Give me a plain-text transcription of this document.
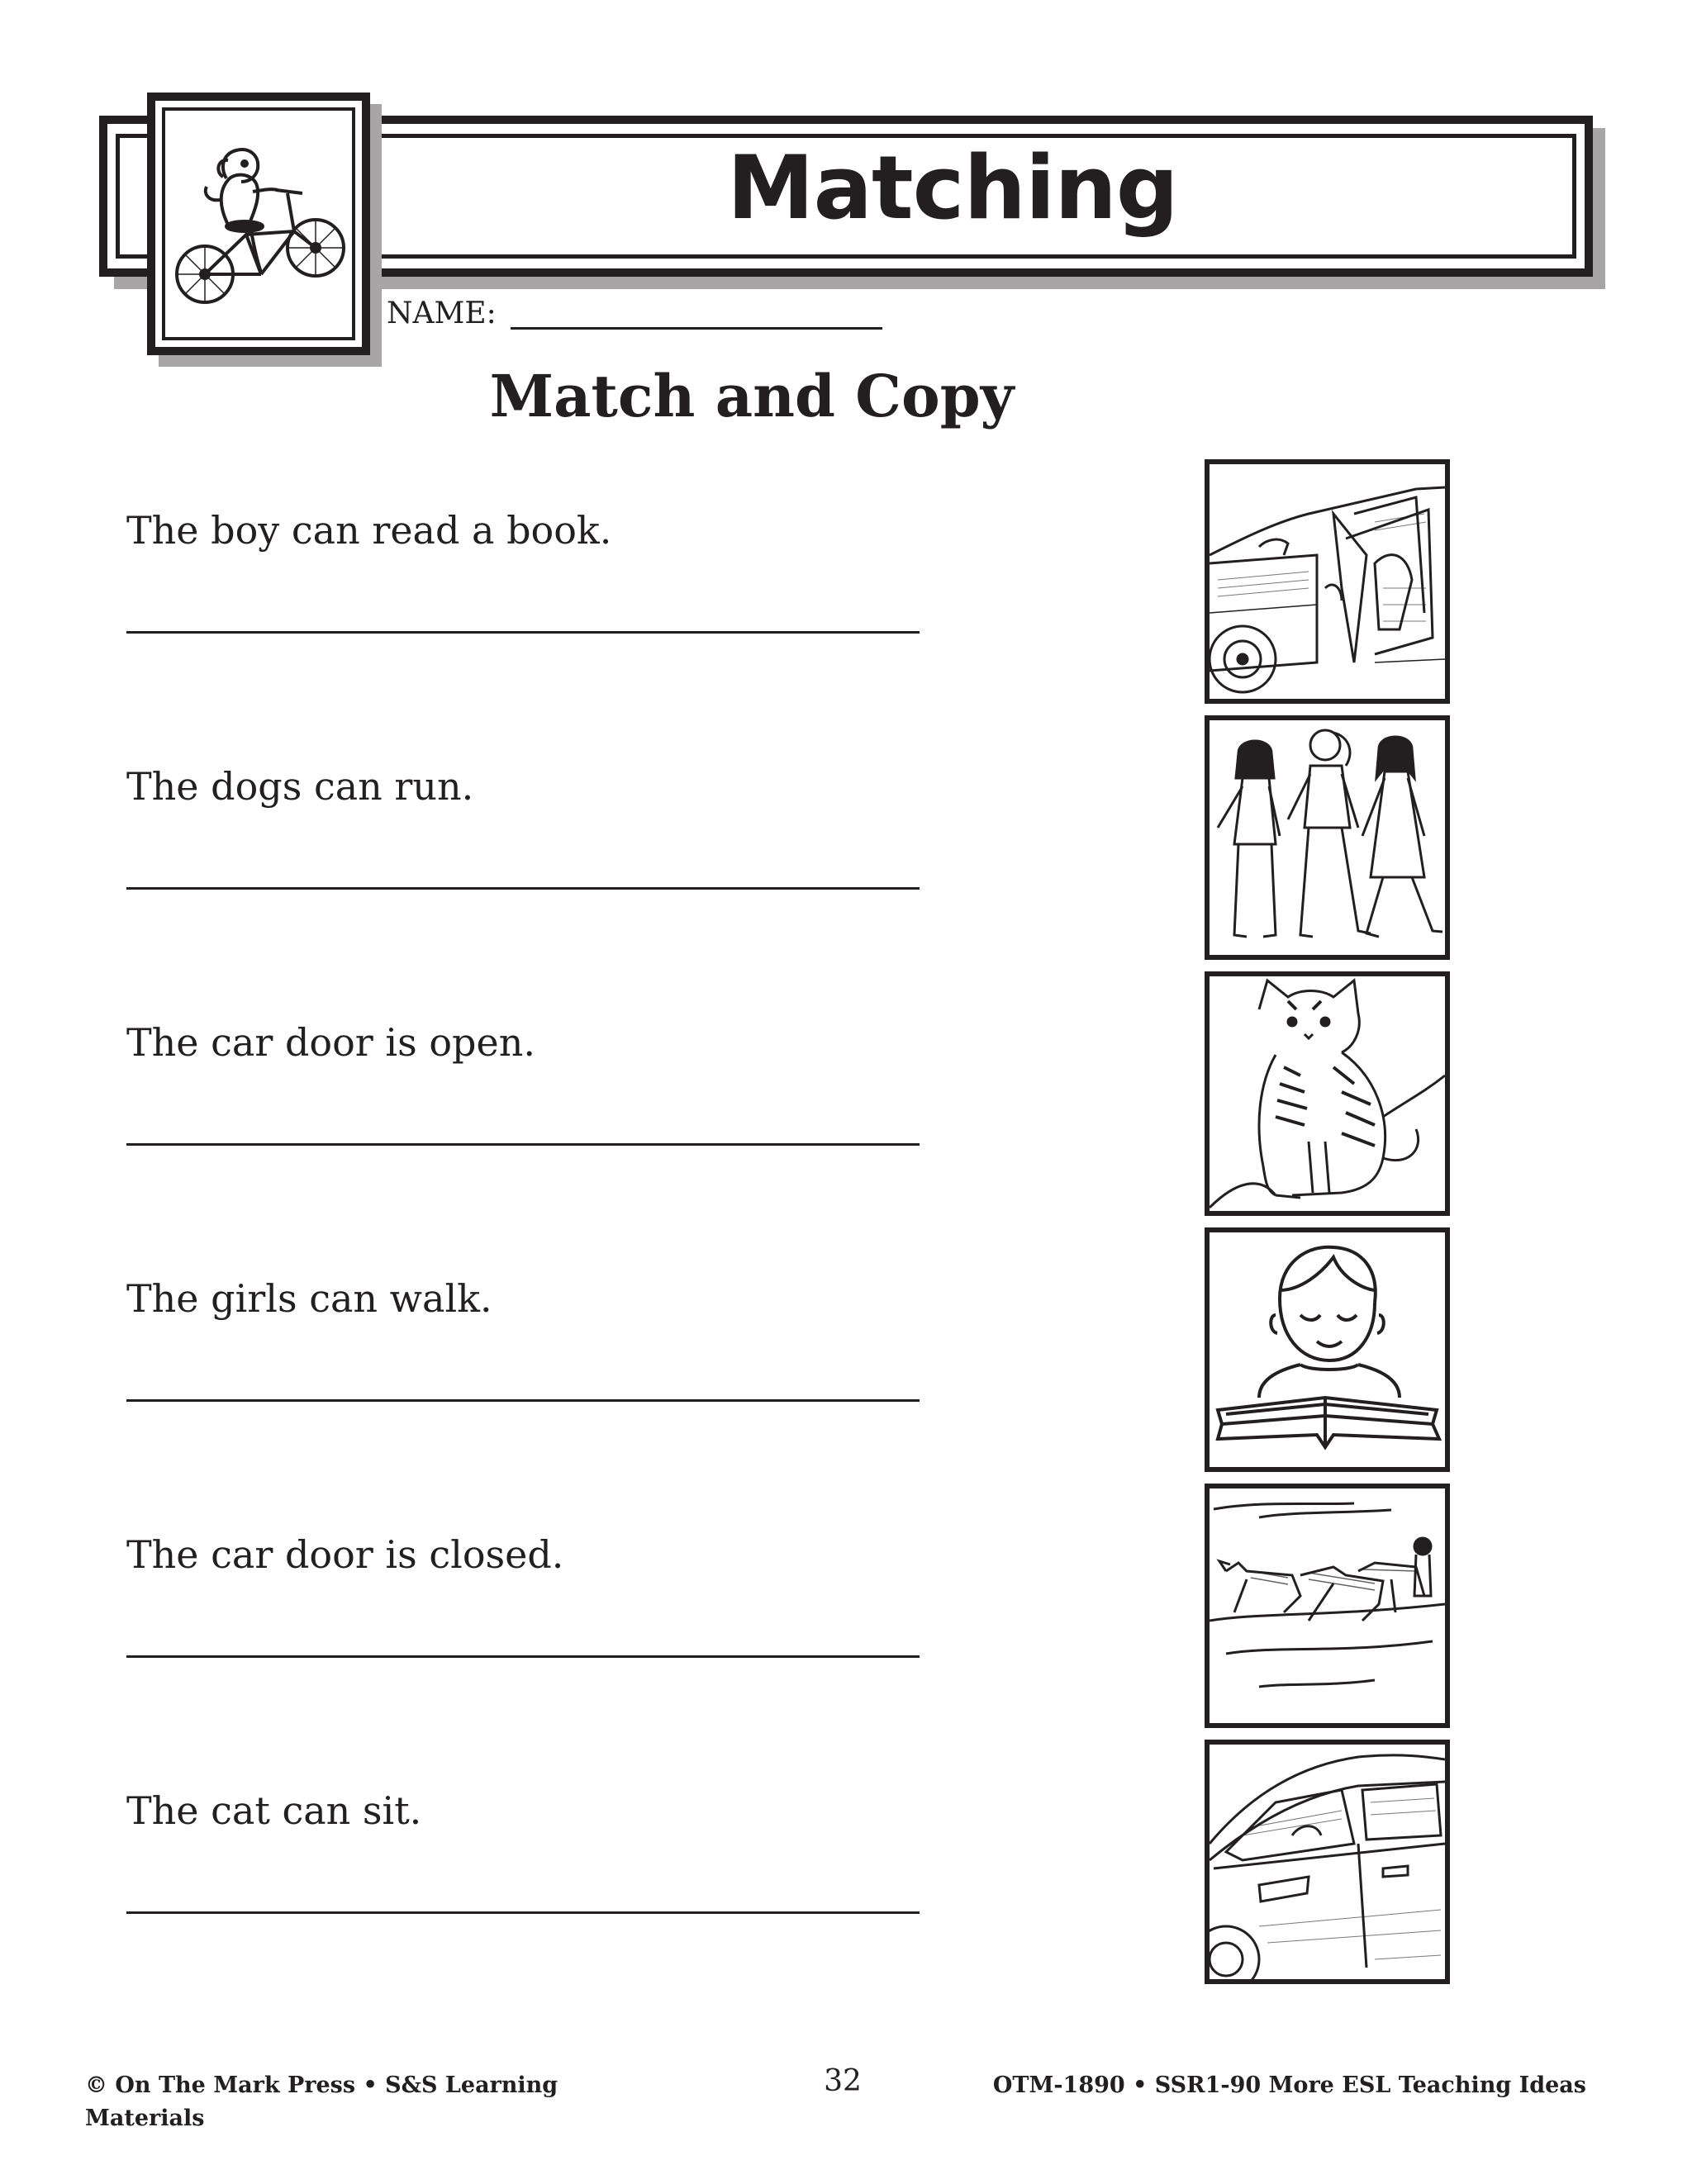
Matching
NAME:
Match and Copy
The boy can read a book.
The dogs can run.
The car door is open.
The girls can walk.
The car door is closed.
The cat can sit.
© On The Mark Press • S&S Learning Materials
32	OTM-1890 • SSR1-90 More ESL Teaching Ideas
